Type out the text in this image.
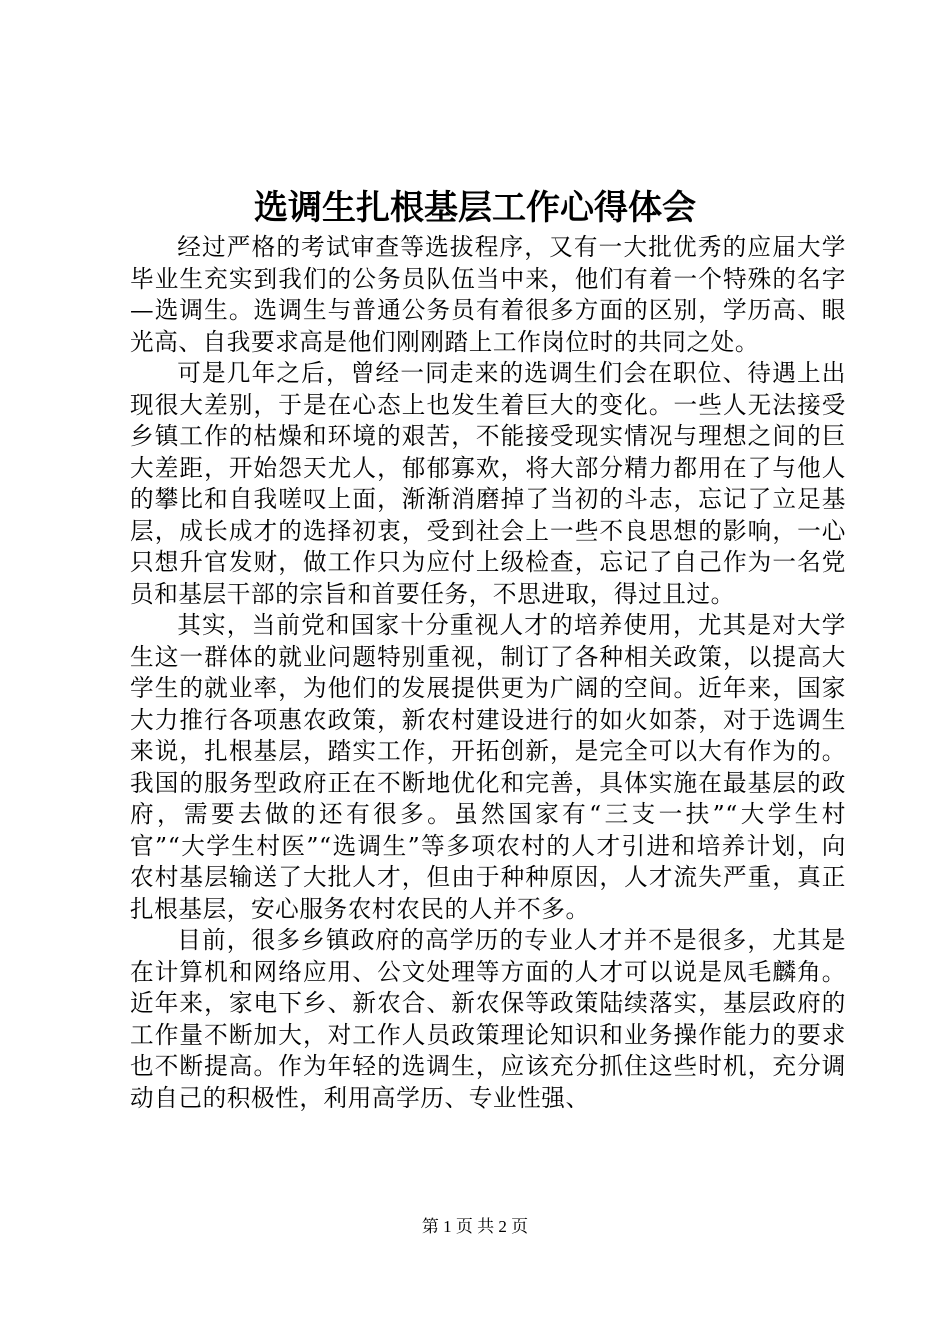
选调生扎根基层工作心得体会

经过严格的考试审查等选拔程序，又有一大批优秀的应届大学毕业生充实到我们的公务员队伍当中来，他们有着一个特殊的名字—选调生。选调生与普通公务员有着很多方面的区别，学历高、眼光高、自我要求高是他们刚刚踏上工作岗位时的共同之处。

可是几年之后，曾经一同走来的选调生们会在职位、待遇上出现很大差别，于是在心态上也发生着巨大的变化。一些人无法接受乡镇工作的枯燥和环境的艰苦，不能接受现实情况与理想之间的巨大差距，开始怨天尤人，郁郁寡欢，将大部分精力都用在了与他人的攀比和自我嗟叹上面，渐渐消磨掉了当初的斗志，忘记了立足基层，成长成才的选择初衷，受到社会上一些不良思想的影响，一心只想升官发财，做工作只为应付上级检查，忘记了自己作为一名党员和基层干部的宗旨和首要任务，不思进取，得过且过。

其实，当前党和国家十分重视人才的培养使用，尤其是对大学生这一群体的就业问题特别重视，制订了各种相关政策，以提高大学生的就业率，为他们的发展提供更为广阔的空间。近年来，国家大力推行各项惠农政策，新农村建设进行的如火如荼，对于选调生来说，扎根基层，踏实工作，开拓创新，是完全可以大有作为的。我国的服务型政府正在不断地优化和完善，具体实施在最基层的政府，需要去做的还有很多。虽然国家有“三支一扶”“大学生村官”“大学生村医”“选调生”等多项农村的人才引进和培养计划，向农村基层输送了大批人才，但由于种种原因，人才流失严重，真正扎根基层，安心服务农村农民的人并不多。

目前，很多乡镇政府的高学历的专业人才并不是很多，尤其是在计算机和网络应用、公文处理等方面的人才可以说是凤毛麟角。近年来，家电下乡、新农合、新农保等政策陆续落实，基层政府的工作量不断加大，对工作人员政策理论知识和业务操作能力的要求也不断提高。作为年轻的选调生，应该充分抓住这些时机，充分调动自己的积极性，利用高学历、专业性强、

第 1 页 共 2 页
